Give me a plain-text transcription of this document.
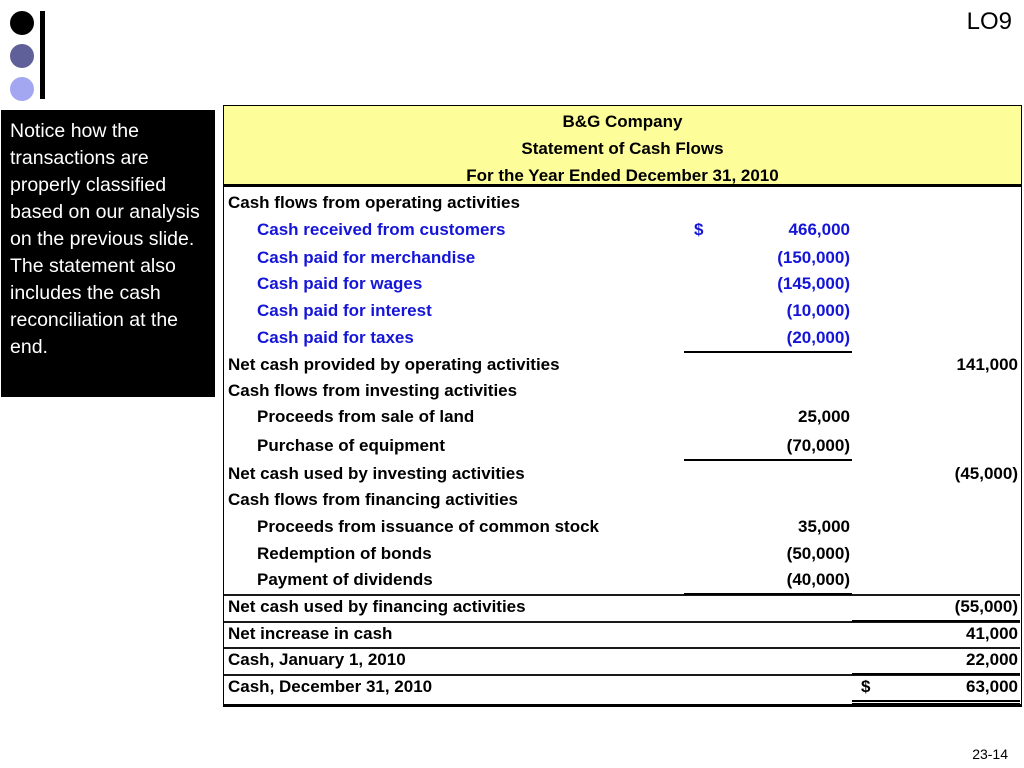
LO9
Notice how the transactions are properly classified based on our analysis on the previous slide. The statement also includes the cash reconciliation at the end.
B&G Company
Statement of Cash Flows
For the Year Ended December 31, 2010
Cash flows from operating activities
Cash received from customers	$	466,000
Cash paid for merchandise	(150,000)
Cash paid for wages	(145,000)
Cash paid for interest	(10,000)
Cash paid for taxes	(20,000)
Net cash provided by operating activities	141,000
Cash flows from investing activities
Proceeds from sale of land	25,000
Purchase of equipment	(70,000)
Net cash used by investing activities	(45,000)
Cash flows from financing activities
Proceeds from issuance of common stock	35,000
Redemption of bonds	(50,000)
Payment of dividends	(40,000)
Net cash used by financing activities	(55,000)
Net increase in cash	41,000
Cash, January 1, 2010	22,000
Cash, December 31, 2010	$	63,000
23-14
